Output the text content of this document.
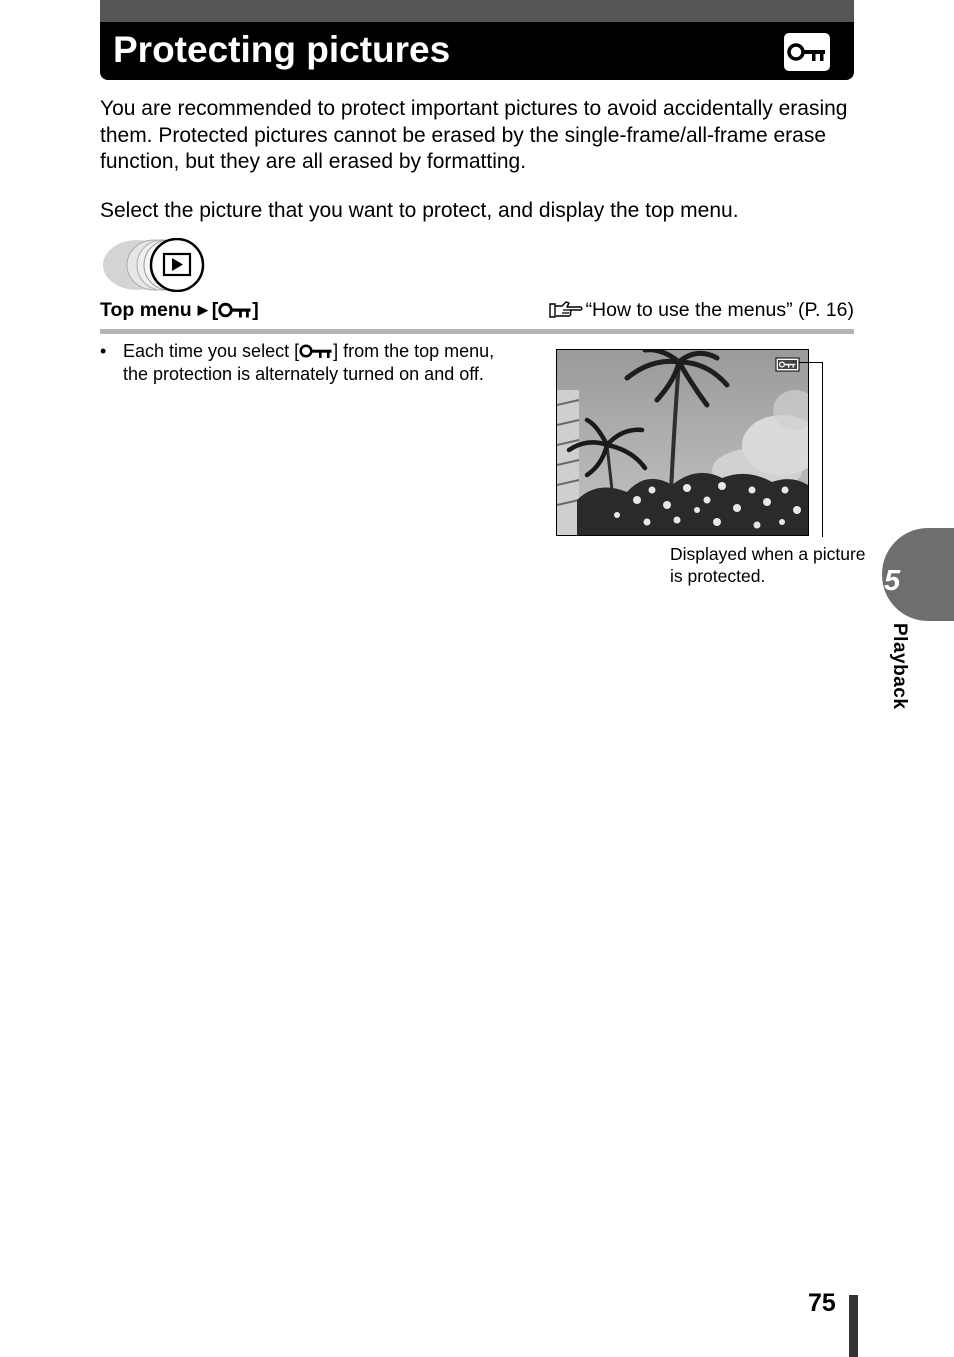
Protecting pictures
You are recommended to protect important pictures to avoid accidentally erasing them. Protected pictures cannot be erased by the single-frame/all-frame erase function, but they are all erased by formatting.
Select the picture that you want to protect, and display the top menu.
Top menu ▶ [ ]	“How to use the menus” (P. 16)
• Each time you select [ ] from the top menu, the protection is alternately turned on and off.
Displayed when a picture is protected.	5
Playback
75
